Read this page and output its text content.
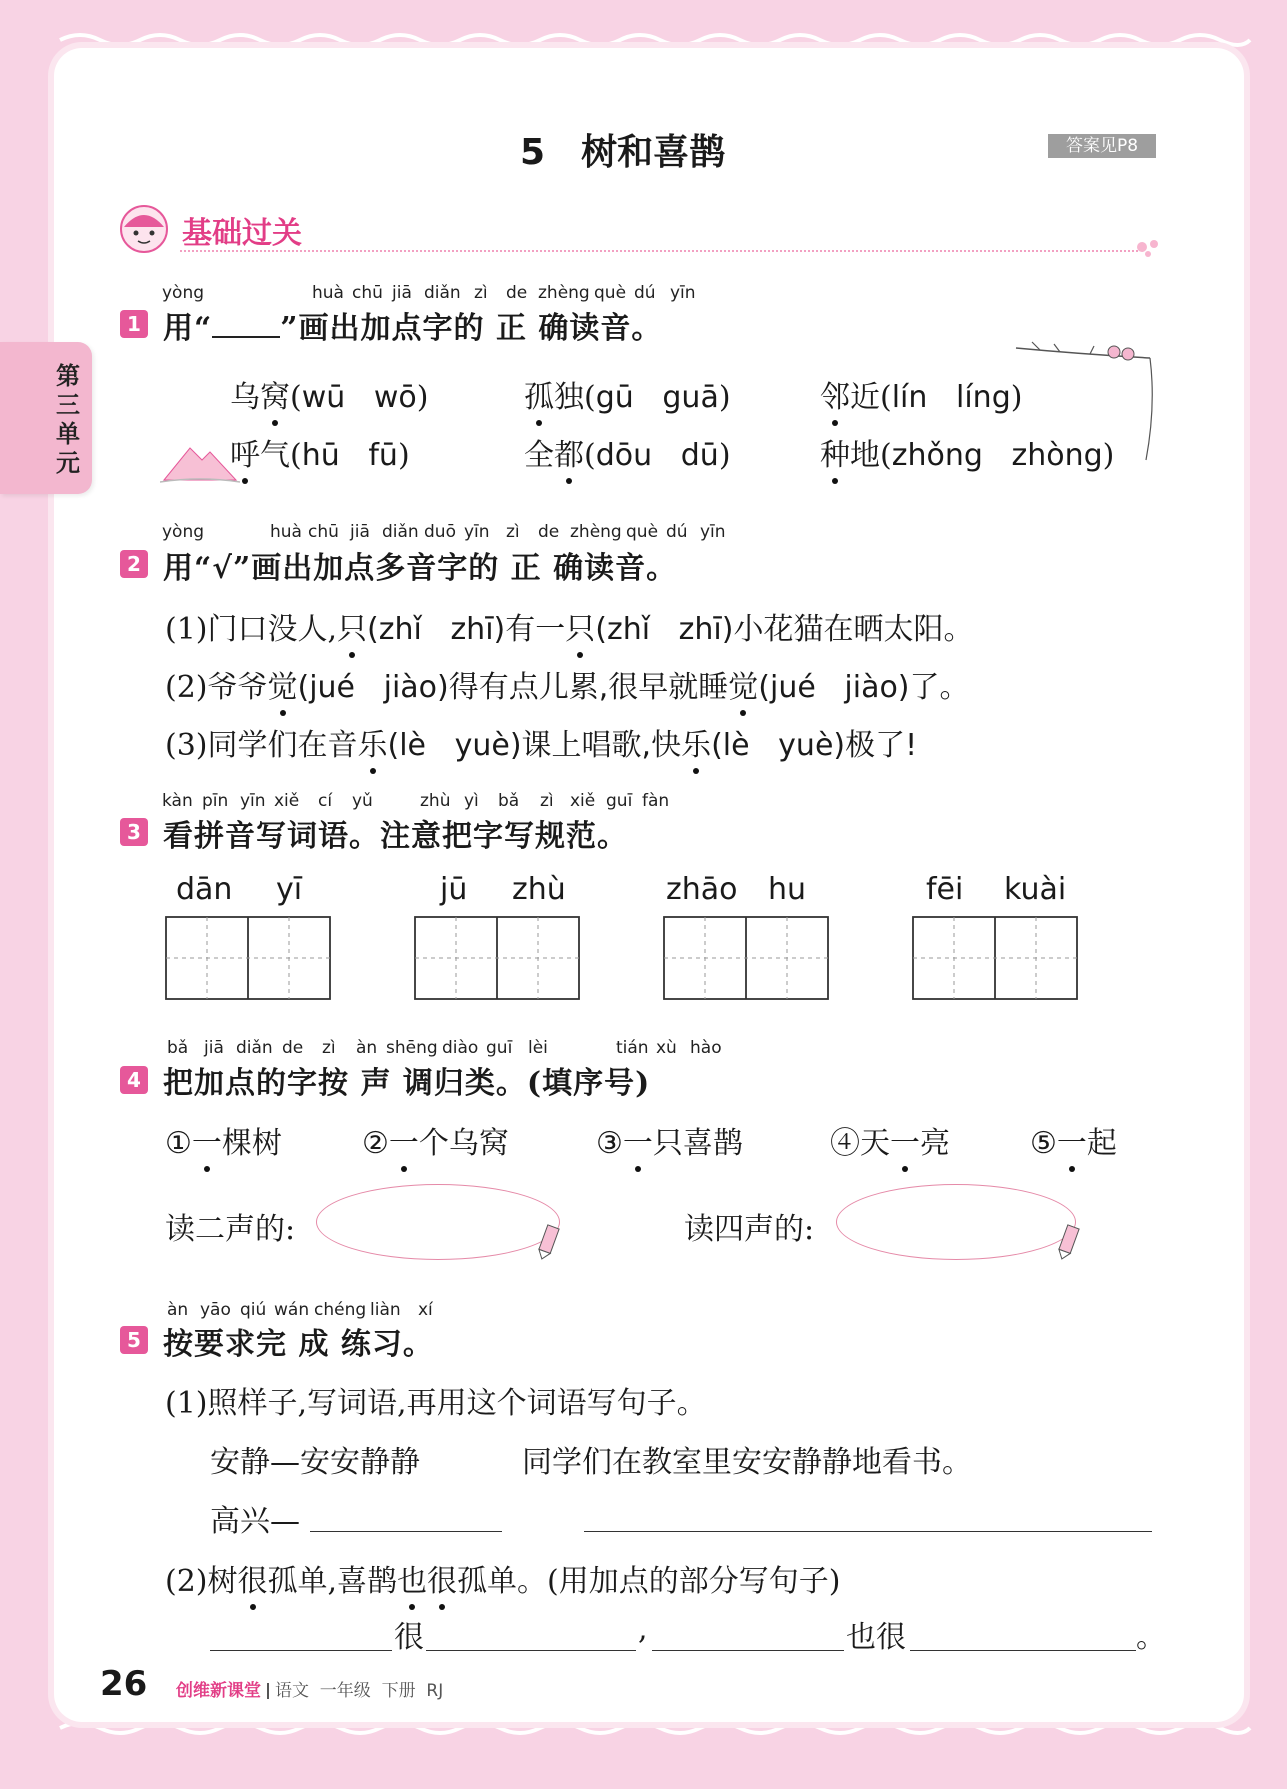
第三单元
5 树和喜鹊	答案见P8
基础过关
yòng	huà chū jiā diǎn zì de zhèng què dú yīn
1 用“ ”画出加点字的 正 确读音。
乌窝(wū wō)	孤独(gū guā)	邻近(lín líng)
呼气(hū fū)	全都(dōu dū)	种地(zhǒng zhòng)
yòng	huà chū jiā diǎn duō yīn zì de zhèng què dú yīn
2 用“√”画出加点多音字的 正 确读音。
(1)门口没人,只(zhǐ   zhī)有一只(zhǐ   zhī)小花猫在晒太阳。
(2)爷爷觉(jué   jiào)得有点儿累,很早就睡觉(jué   jiào)了。
(3)同学们在音乐(lè   yuè)课上唱歌,快乐(lè   yuè)极了!
kàn pīn yīn xiě cí yǔ	zhù yì bǎ zì xiě guī fàn
3 看拼音写词语。注意把字写规范。
dān yī	jū zhù	zhāo hu	fēi kuài
bǎ jiā diǎn de zì àn shēng diào guī lèi	tián xù hào
4 把加点的字按 声 调归类。(填序号)
①一棵树	②一个乌窝	③一只喜鹊	④天一亮	⑤一起
读二声的:	读四声的:
àn yāo qiú wán chéng liàn xí
5 按要求完 成 练习。
(1)照样子,写词语,再用这个词语写句子。
安静—安安静静	同学们在教室里安安静静地看书。
高兴—
(2)树很孤单,喜鹊也很孤单。(用加点的部分写句子)
很	,	也很	。
26 创维新课堂 语文  一年级  下册  RJ
